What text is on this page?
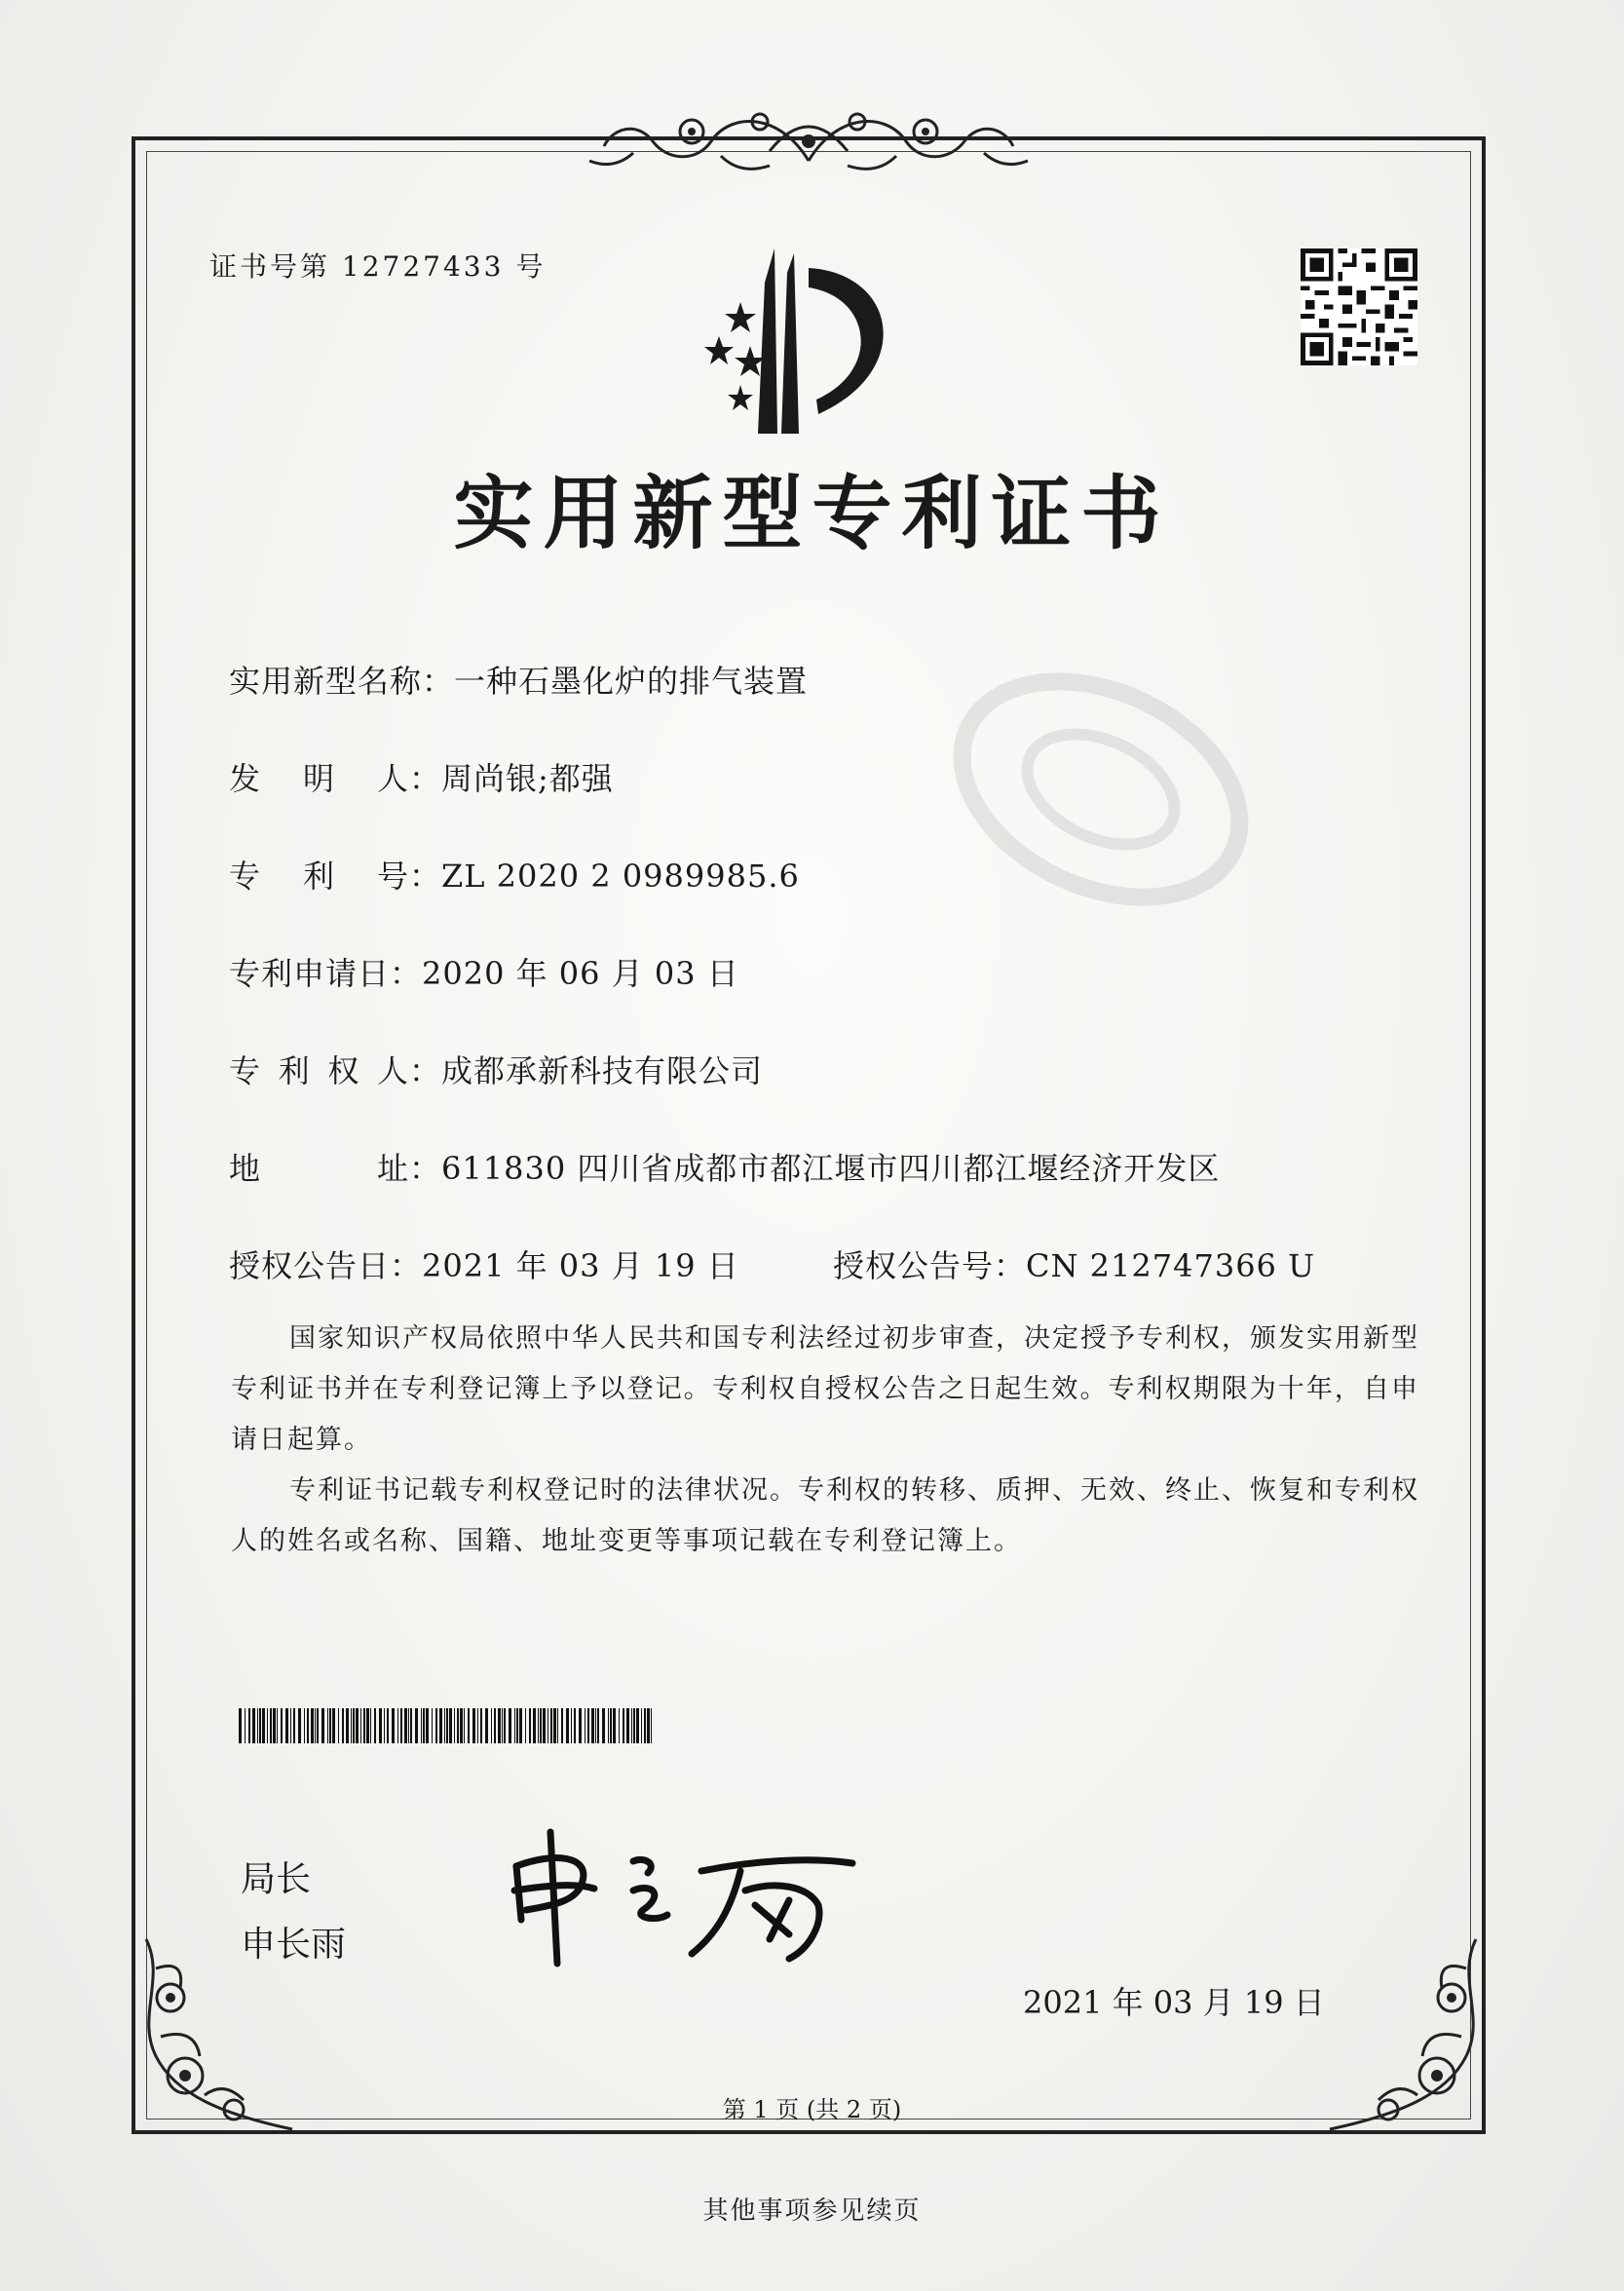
证书号第 12727433 号
实用新型专利证书
实用新型名称：一种石墨化炉的排气装置
发 明 人 ：周尚银;都强
专 利 号 ：ZL 2020 2 0989985.6
专利申请日：2020 年 06 月 03 日
专 利 权 人 ：成都承新科技有限公司
地	址 ：611830 四川省成都市都江堰市四川都江堰经济开发区
授权公告日：2021 年 03 月 19 日	授权公告号：CN 212747366 U
国家知识产权局依照中华人民共和国专利法经过初步审查，决定授予专利权，颁发实用新型专利证书并在专利登记簿上予以登记。专利权自授权公告之日起生效。专利权期限为十年，自申请日起算。
专利证书记载专利权登记时的法律状况。专利权的转移、质押、无效、终止、恢复和专利权人的姓名或名称、国籍、地址变更等事项记载在专利登记簿上。
局长
申长雨
2021 年 03 月 19 日
第 1 页 (共 2 页)
其他事项参见续页
